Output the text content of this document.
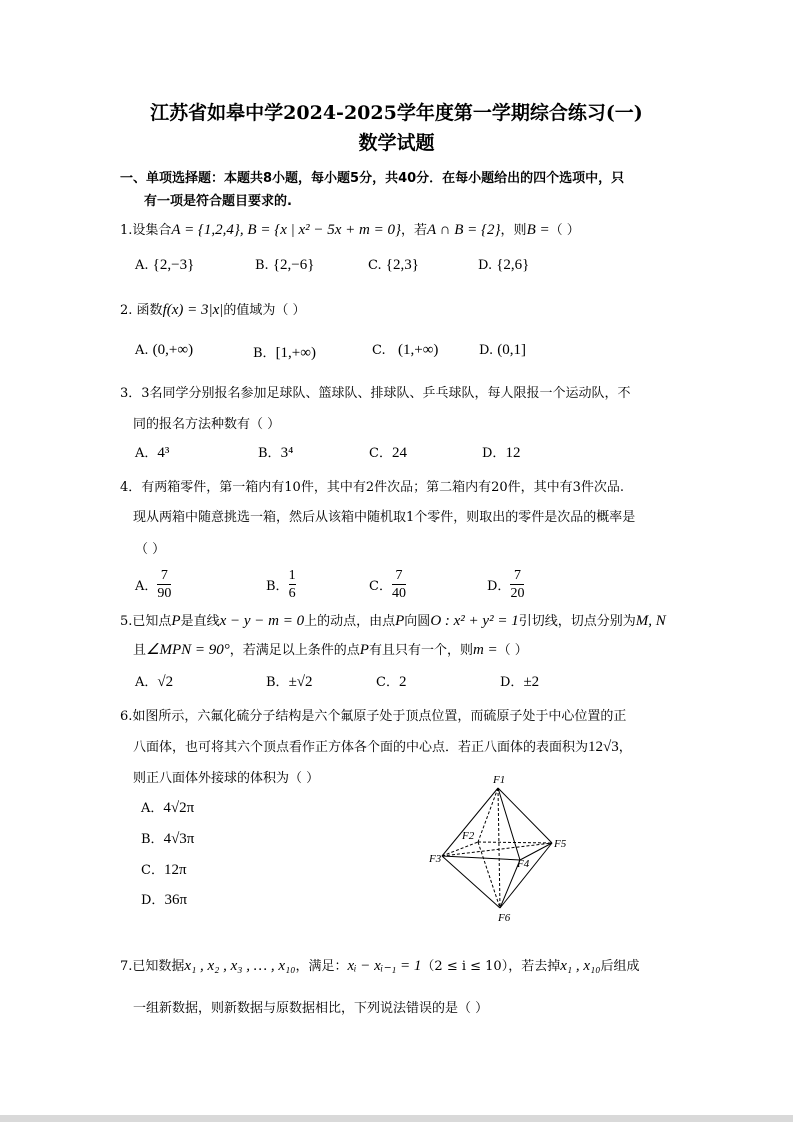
江苏省如皋中学2024-2025学年度第一学期综合练习(一)
数学试题
一、单项选择题：本题共8小题，每小题5分，共40分．在每小题给出的四个选项中，只
有一项是符合题目要求的.
1.设集合A = {1,2,4}, B = {x | x² − 5x + m = 0}，若A ∩ B = {2}，则B =（ ）
A. {2,−3}	B. {2,−6}	C. {2,3}	D. {2,6}
2. 函数f(x) = 3|x|的值域为（ ）
A. (0,+∞)	B．[1,+∞)	C. (1,+∞)	D. (0,1]
3．3名同学分别报名参加足球队、篮球队、排球队、乒乓球队，每人限报一个运动队，不
同的报名方法种数有（ ）
A．4³	B．3⁴	C．24	D．12
4．有两箱零件，第一箱内有10件，其中有2件次品；第二箱内有20件，其中有3件次品.
现从两箱中随意挑选一箱，然后从该箱中随机取1个零件，则取出的零件是次品的概率是
（ ）
A．$\frac{7}{90}$	B．$\frac{1}{6}$	C．$\frac{7}{40}$	D．$\frac{7}{20}$
5.已知点P是直线x − y − m = 0上的动点，由点P向圆O : x² + y² = 1引切线，切点分别为M, N
且∠MPN = 90°，若满足以上条件的点P有且只有一个，则m =（ ）
A．√2	B．±√2	C．2	D．±2
6.如图所示，六氟化硫分子结构是六个氟原子处于顶点位置，而硫原子处于中心位置的正
八面体，也可将其六个顶点看作正方体各个面的中心点．若正八面体的表面积为12√3，
则正八面体外接球的体积为（ ）
A．4√2π
B．4√3π
C．12π
D．36π
F1
F2
F3	F4
F5
F6
7.已知数据x₁ , x₂ , x₃ , … , x₁₀，满足：xᵢ − xᵢ₋₁ = 1（2 ≤ i ≤ 10），若去掉x₁ , x₁₀后组成
一组新数据，则新数据与原数据相比，下列说法错误的是（ ）
